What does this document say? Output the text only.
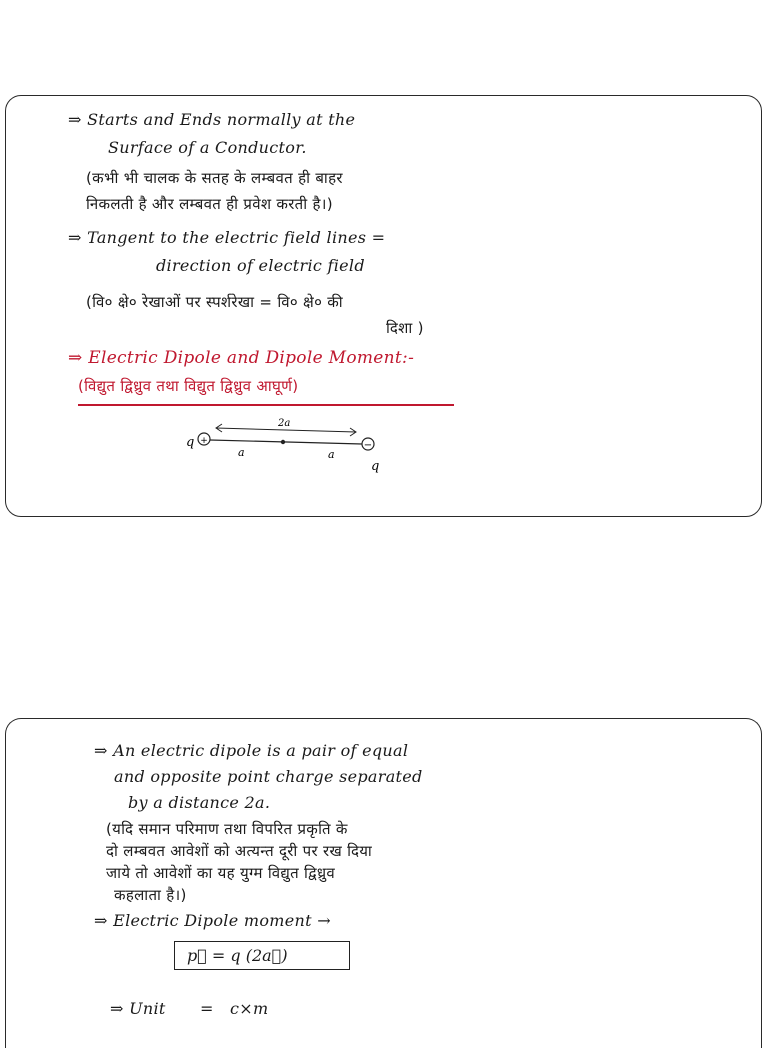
⇒ Starts and Ends normally at the
Surface of a Conductor.
(कभी भी चालक के सतह के लम्बवत ही बाहर
निकलती है और लम्बवत ही प्रवेश करती है।)
⇒ Tangent to the electric field lines =
direction of electric field
(वि० क्षे० रेखाओं पर स्पर्शरेखा = वि० क्षे० की
दिशा )
⇒ Electric Dipole and Dipole Moment:-
(विद्युत द्विध्रुव तथा विद्युत द्विध्रुव आघूर्ण)
+	−
q
q
2a
a	a
⇒ An electric dipole is a pair of equal
and opposite point charge separated
by a distance 2a.
(यदि समान परिमाण तथा विपरित प्रकृति के
दो लम्बवत आवेशों को अत्यन्त दूरी पर रख दिया
जाये तो आवेशों का यह युग्म विद्युत द्विध्रुव
कहलाता है।)
⇒ Electric Dipole moment →
p⃗ = q (2a⃗)
⇒ Unit = c×m
